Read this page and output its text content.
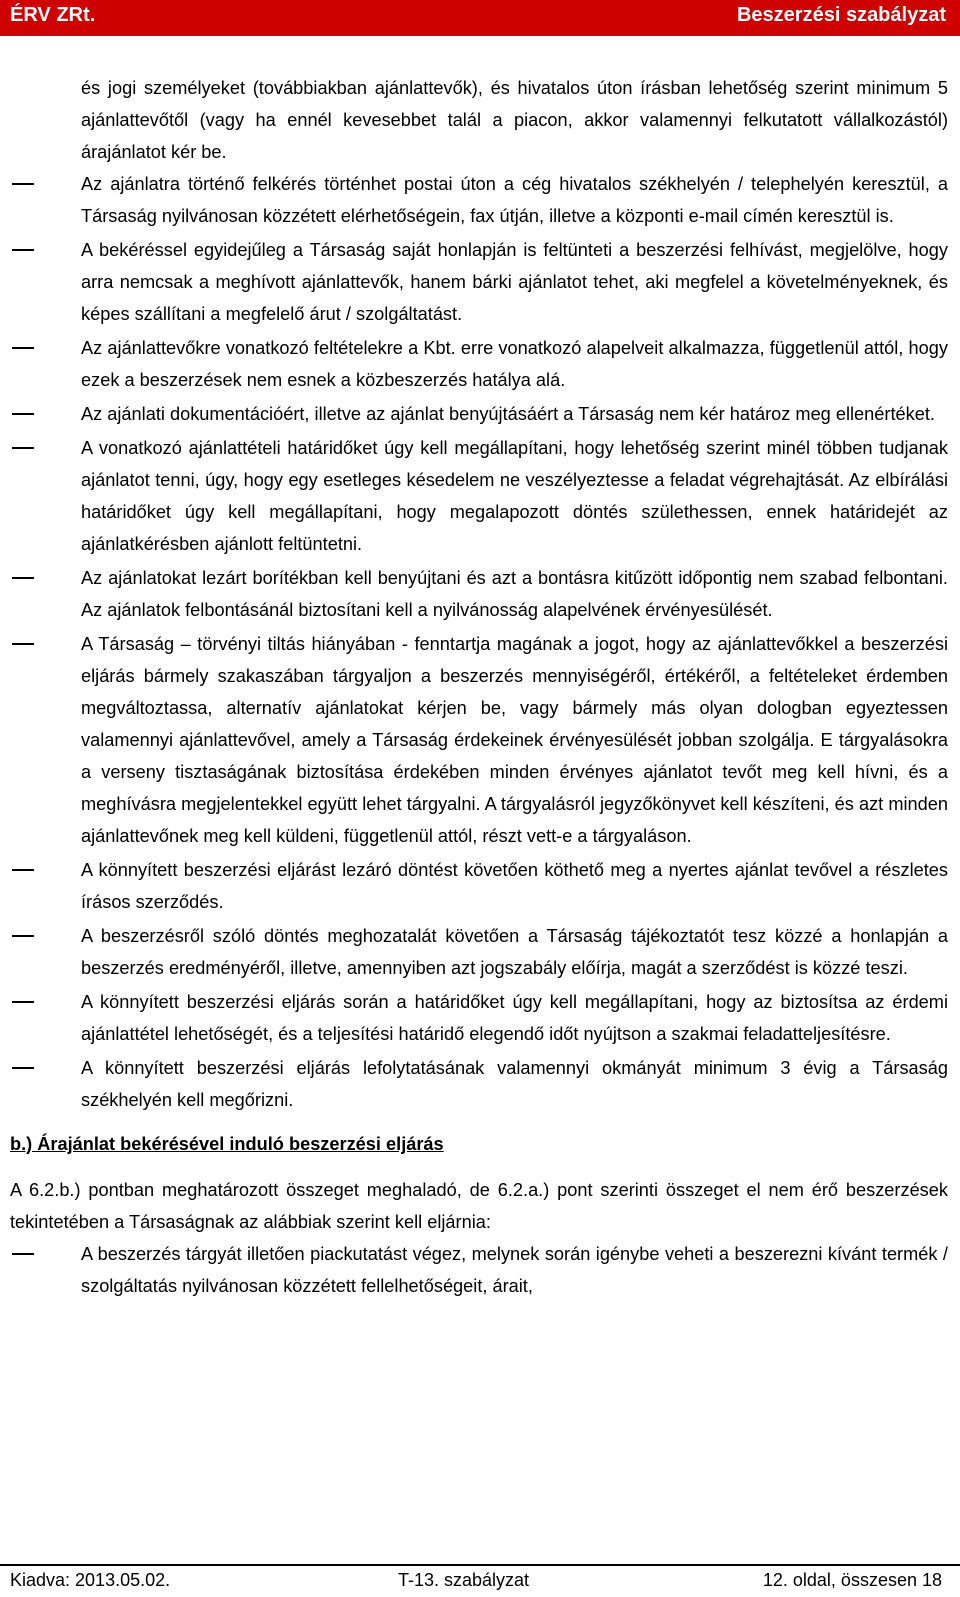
ÉRV ZRt.	Beszerzési szabályzat
és jogi személyeket (továbbiakban ajánlattevők), és hivatalos úton írásban lehetőség szerint minimum 5 ajánlattevőtől (vagy ha ennél kevesebbet talál a piacon, akkor valamennyi felkutatott vállalkozástól) árajánlatot kér be.
Az ajánlatra történő felkérés történhet postai úton a cég hivatalos székhelyén / telephelyén keresztül, a Társaság nyilvánosan közzétett elérhetőségein, fax útján, illetve a központi e-mail címén keresztül is.
A bekéréssel egyidejűleg a Társaság saját honlapján is feltünteti a beszerzési felhívást, megjelölve, hogy arra nemcsak a meghívott ajánlattevők, hanem bárki ajánlatot tehet, aki megfelel a követelményeknek, és képes szállítani a megfelelő árut / szolgáltatást.
Az ajánlattevőkre vonatkozó feltételekre a Kbt. erre vonatkozó alapelveit alkalmazza, függetlenül attól, hogy ezek a beszerzések nem esnek a közbeszerzés hatálya alá.
Az ajánlati dokumentációért, illetve az ajánlat benyújtásáért a Társaság nem kér határoz meg ellenértéket.
A vonatkozó ajánlattételi határidőket úgy kell megállapítani, hogy lehetőség szerint minél többen tudjanak ajánlatot tenni, úgy, hogy egy esetleges késedelem ne veszélyeztesse a feladat végrehajtását. Az elbírálási határidőket úgy kell megállapítani, hogy megalapozott döntés születhessen, ennek határidejét az ajánlatkérésben ajánlott feltüntetni.
Az ajánlatokat lezárt borítékban kell benyújtani és azt a bontásra kitűzött időpontig nem szabad felbontani. Az ajánlatok felbontásánál biztosítani kell a nyilvánosság alapelvének érvényesülését.
A Társaság – törvényi tiltás hiányában - fenntartja magának a jogot, hogy az ajánlattevőkkel a beszerzési eljárás bármely szakaszában tárgyaljon a beszerzés mennyiségéről, értékéről, a feltételeket érdemben megváltoztassa, alternatív ajánlatokat kérjen be, vagy bármely más olyan dologban egyeztessen valamennyi ajánlattevővel, amely a Társaság érdekeinek érvényesülését jobban szolgálja. E tárgyalásokra a verseny tisztaságának biztosítása érdekében minden érvényes ajánlatot tevőt meg kell hívni, és a meghívásra megjelentekkel együtt lehet tárgyalni. A tárgyalásról jegyzőkönyvet kell készíteni, és azt minden ajánlattevőnek meg kell küldeni, függetlenül attól, részt vett-e a tárgyaláson.
A könnyített beszerzési eljárást lezáró döntést követően köthető meg a nyertes ajánlat tevővel a részletes írásos szerződés.
A beszerzésről szóló döntés meghozatalát követően a Társaság tájékoztatót tesz közzé a honlapján a beszerzés eredményéről, illetve, amennyiben azt jogszabály előírja, magát a szerződést is közzé teszi.
A könnyített beszerzési eljárás során a határidőket úgy kell megállapítani, hogy az biztosítsa az érdemi ajánlattétel lehetőségét, és a teljesítési határidő elegendő időt nyújtson a szakmai feladatteljesítésre.
A könnyített beszerzési eljárás lefolytatásának valamennyi okmányát minimum 3 évig a Társaság székhelyén kell megőrizni.
b.) Árajánlat bekérésével induló beszerzési eljárás
A 6.2.b.) pontban meghatározott összeget meghaladó, de 6.2.a.) pont szerinti összeget el nem érő beszerzések tekintetében a Társaságnak az alábbiak szerint kell eljárnia:
A beszerzés tárgyát illetően piackutatást végez, melynek során igénybe veheti a beszerezni kívánt termék / szolgáltatás nyilvánosan közzétett fellelhetőségeit, árait,
Kiadva: 2013.05.02.	T-13. szabályzat	12. oldal, összesen 18
